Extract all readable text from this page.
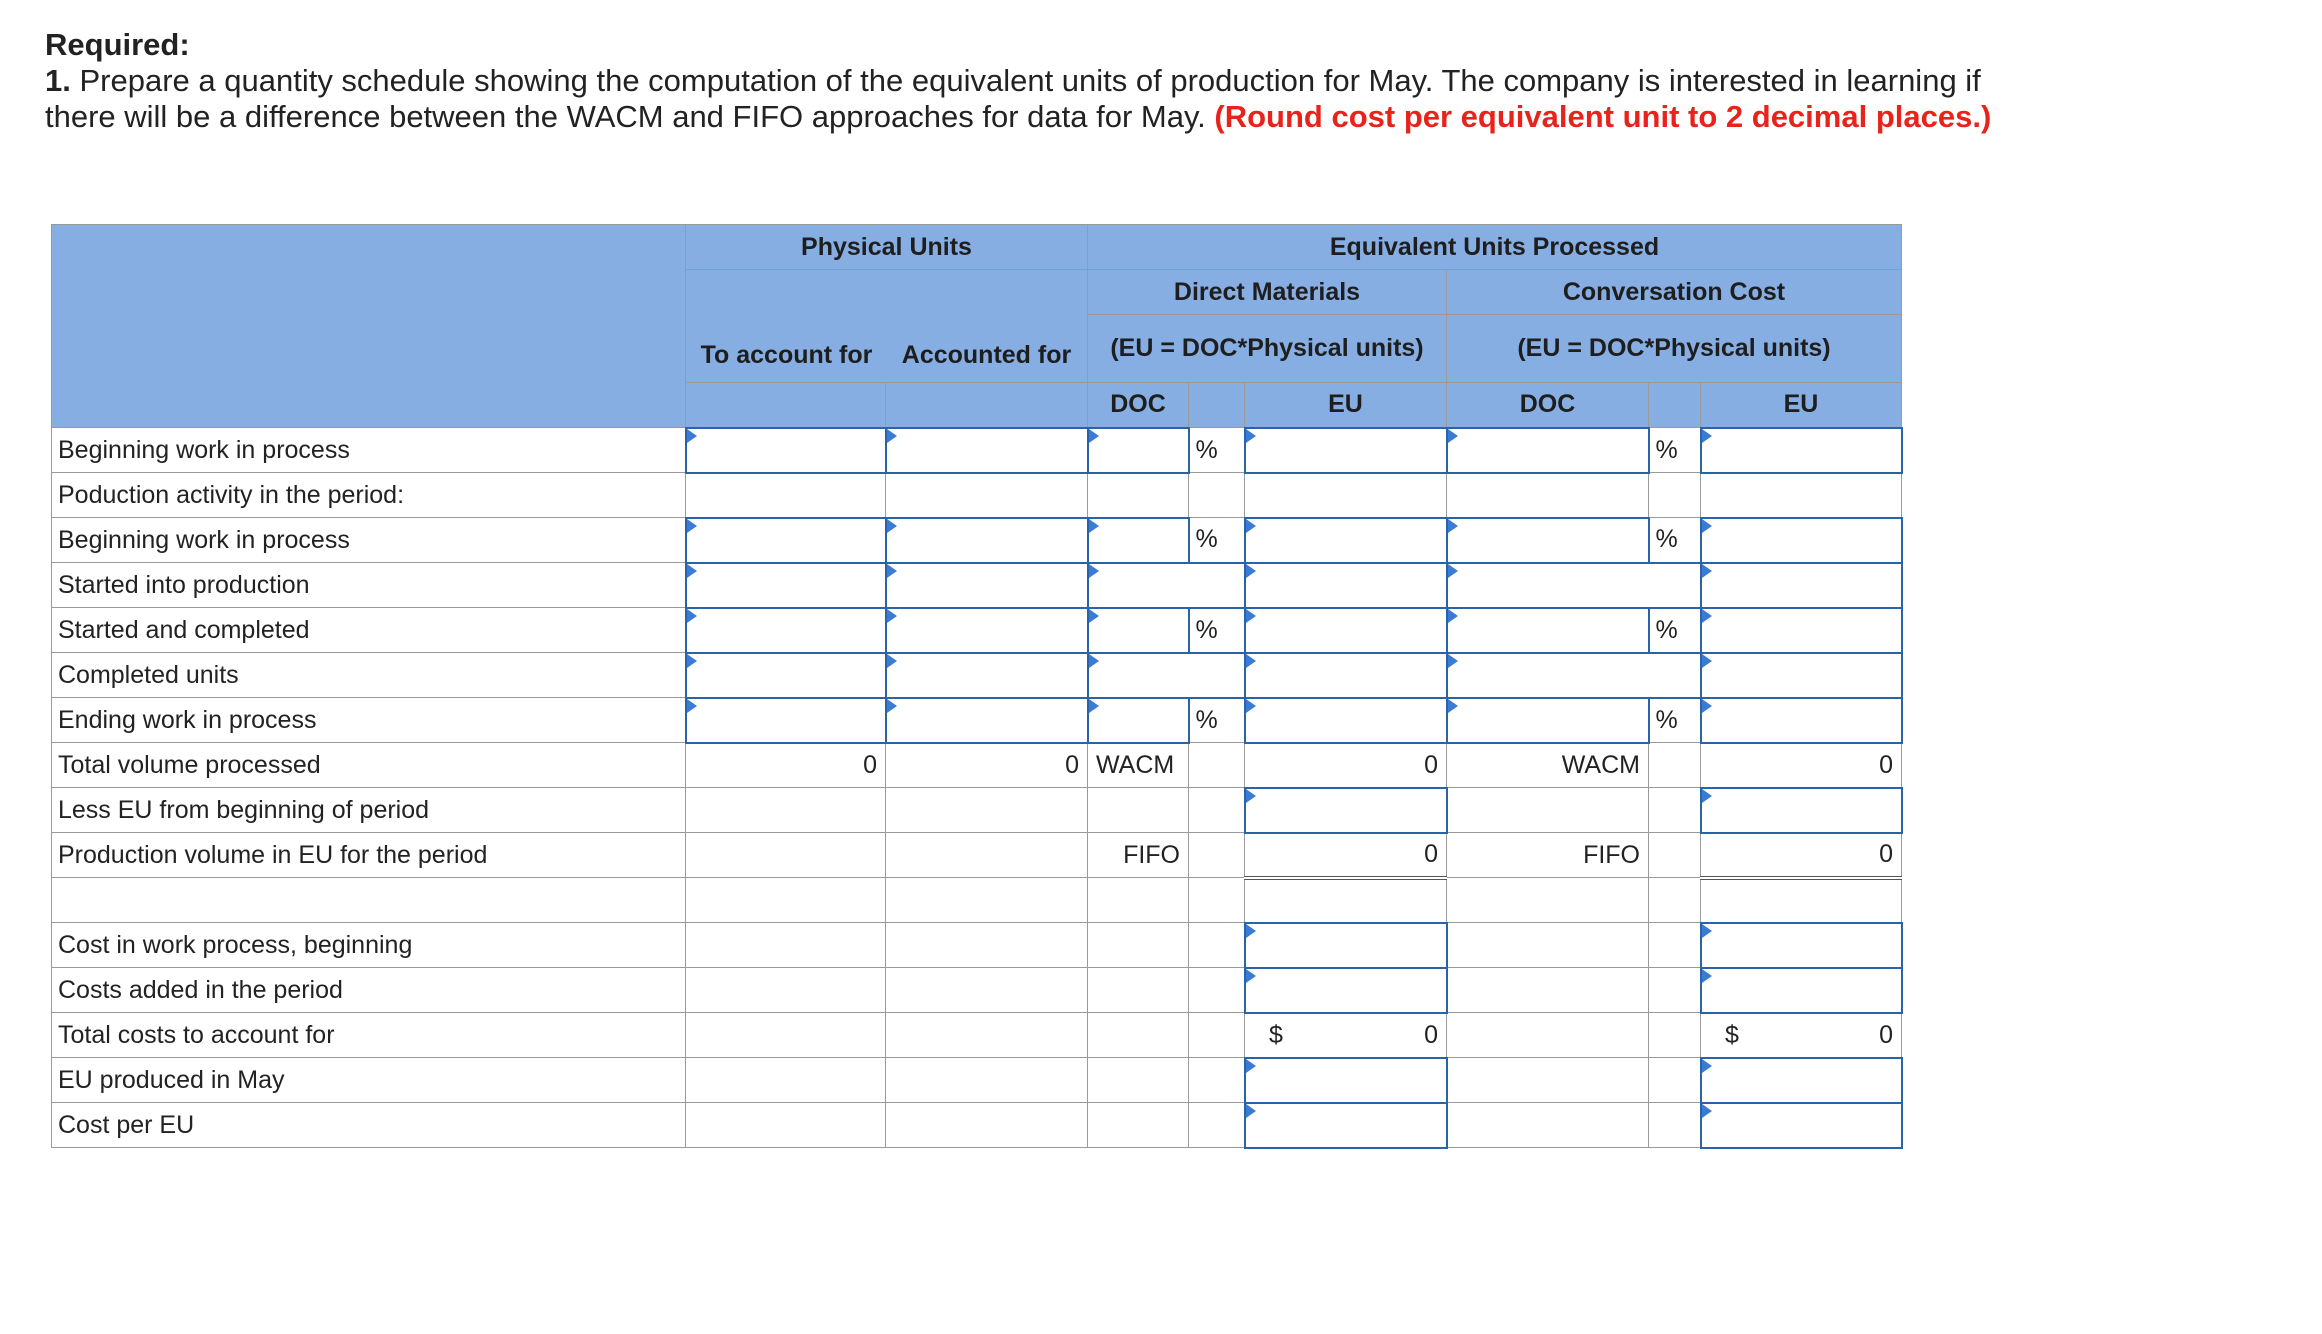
Required:
1. Prepare a quantity schedule showing the computation of the equivalent units of production for May. The company is interested in learning if there will be a difference between the WACM and FIFO approaches for data for May. (Round cost per equivalent unit to 2 decimal places.)
	Physical Units		Equivalent Units Processed					
	To account for Accounted for		Direct Materials			Conversation Cost		
			(EU = DOC*Physical units)			(EU = DOC*Physical units)		
			DOC		EU	DOC		EU
Beginning work in process				%			%	
Poduction activity in the period:								
Beginning work in process				%			%	
Started into production								
Started and completed				%			%	
Completed units								
Ending work in process				%			%	
Total volume processed	0	0	WACM		0	WACM		0
Less EU from beginning of period								
Production volume in EU for the period			FIFO		0	FIFO		0

Cost in work process, beginning								
Costs added in the period								
Total costs to account for					$ 0			$ 0
EU produced in May								
Cost per EU								
